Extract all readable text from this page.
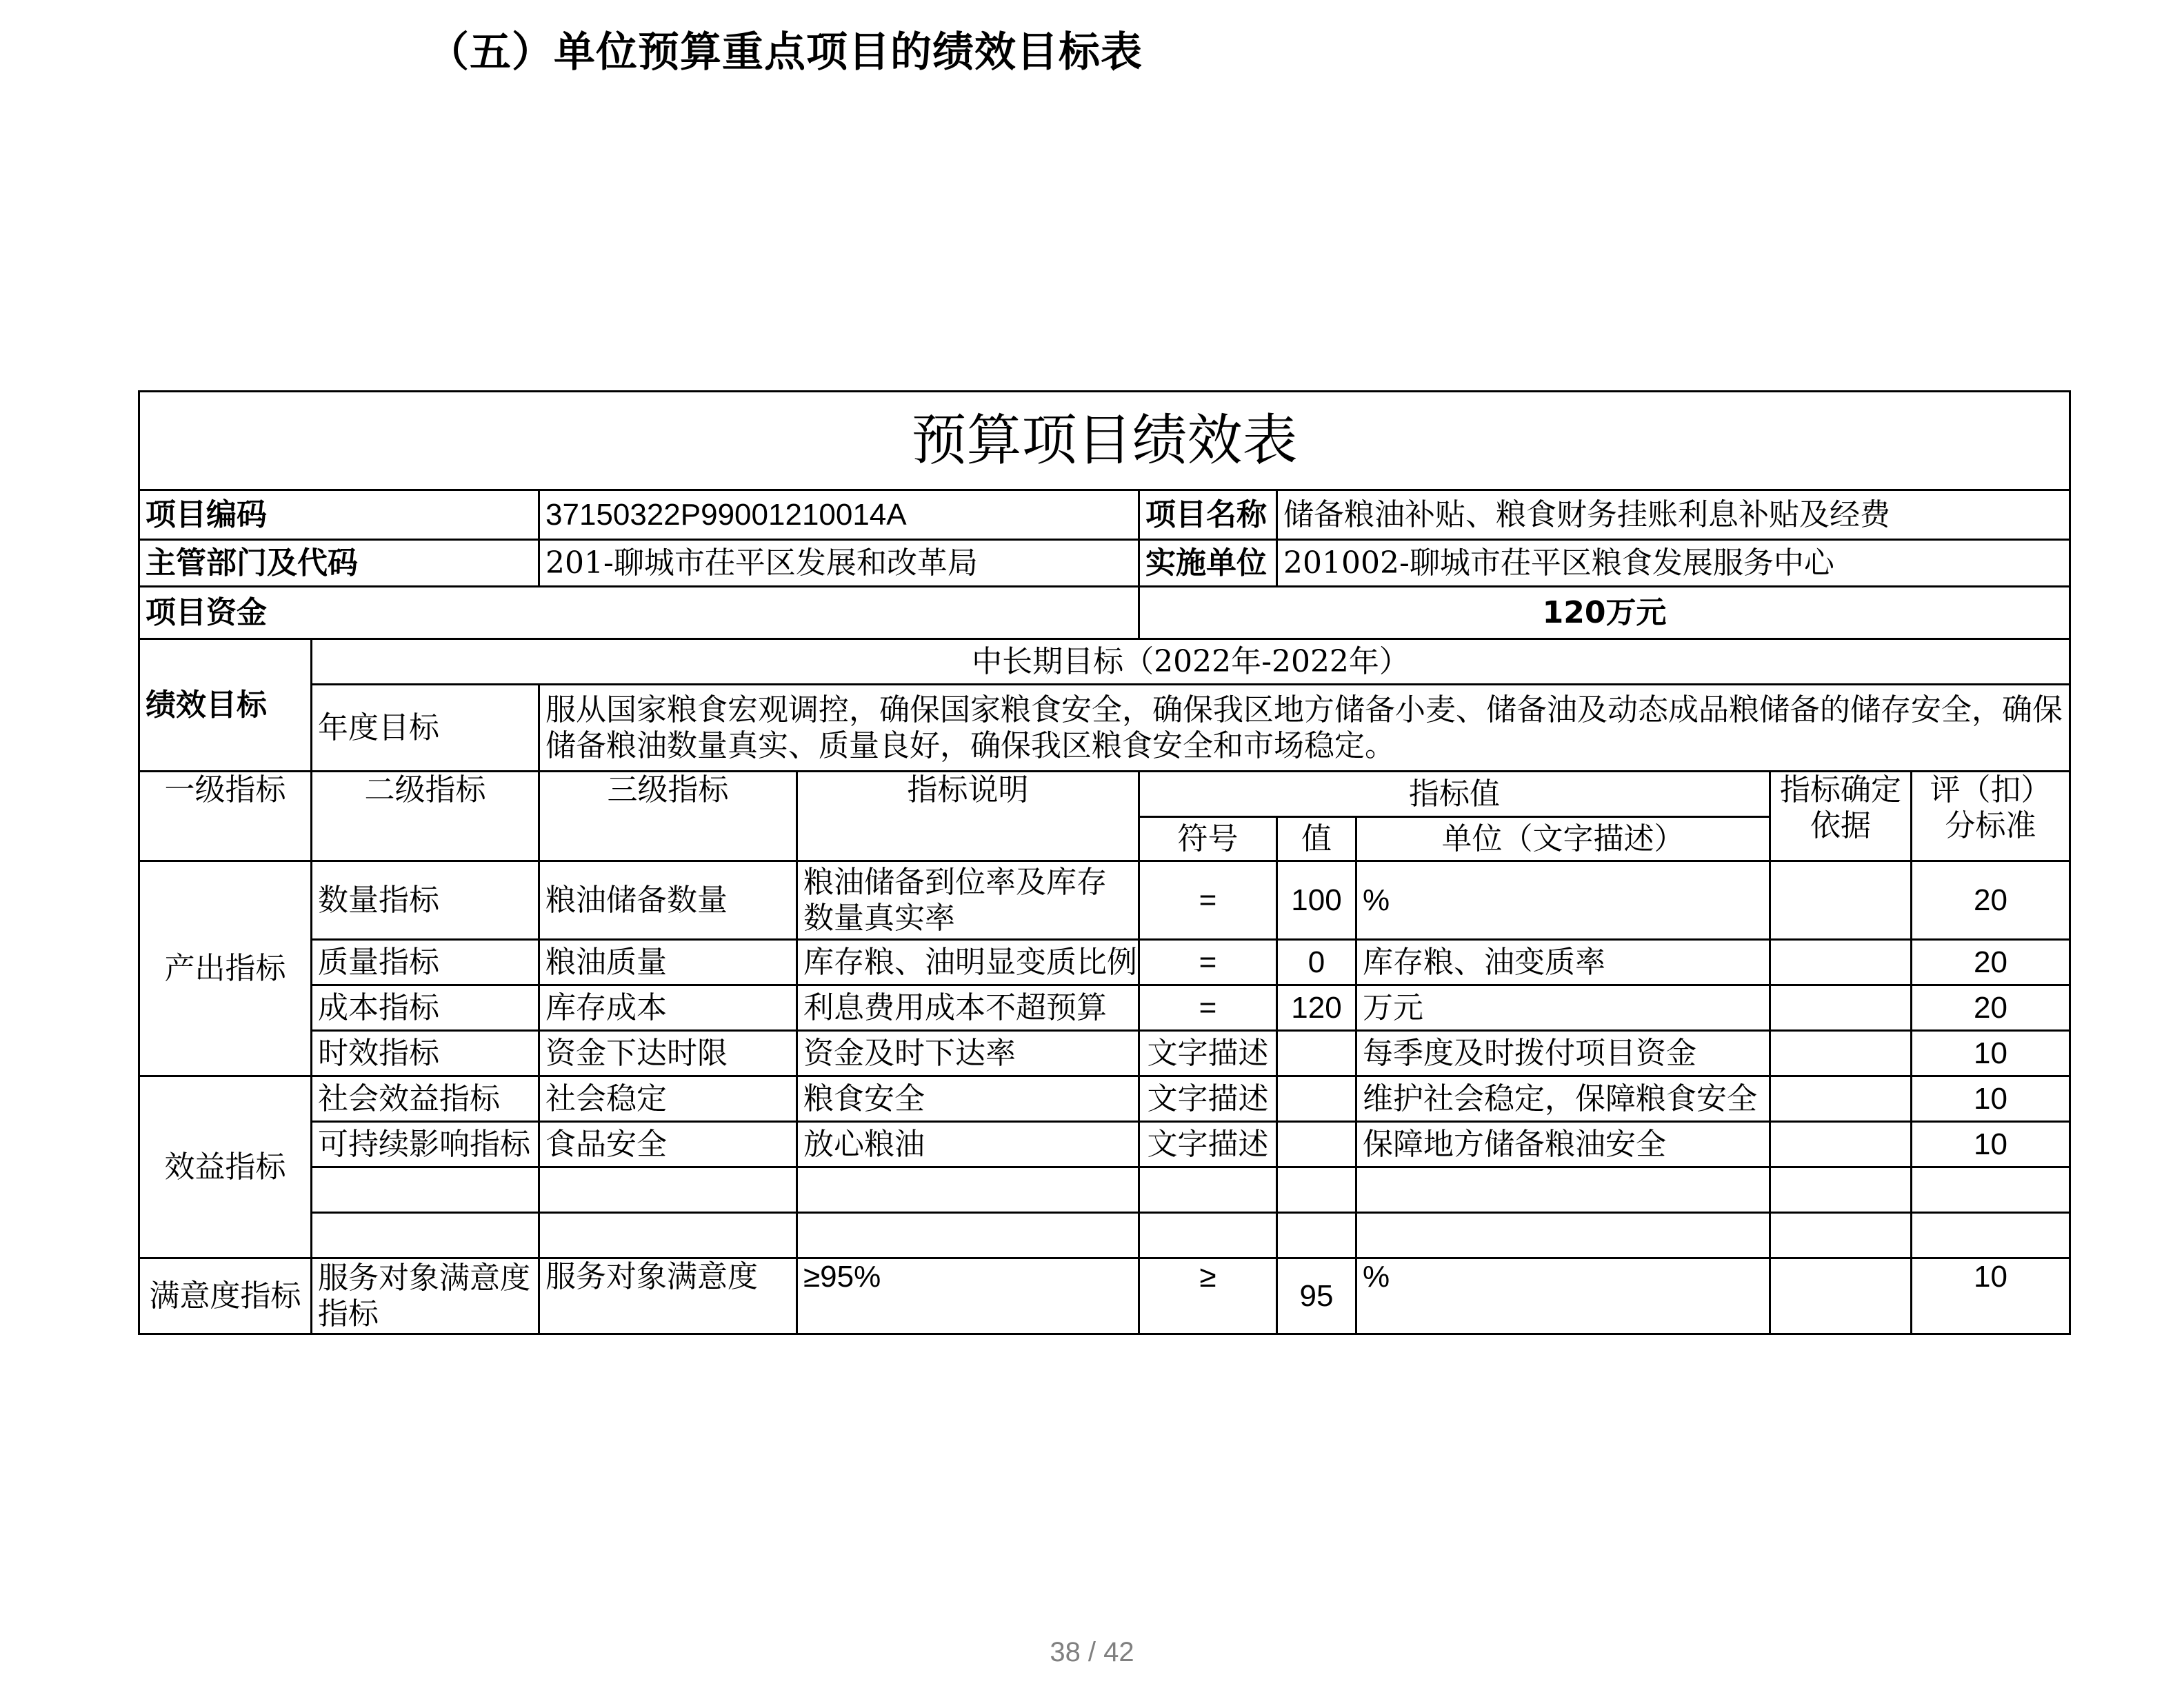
（五）单位预算重点项目的绩效目标表
预算项目绩效表								
项目编码		37150322P99001210014A		项目名称	储备粮油补贴、粮食财务挂账利息补贴及经费			
主管部门及代码		201-聊城市茌平区发展和改革局		实施单位	201002-聊城市茌平区粮食发展服务中心			
项目资金				120万元				
绩效目标	中长期目标（2022年-2022年）							
	年度目标	服从国家粮食宏观调控，确保国家粮食安全，确保我区地方储备小麦、储备油及动态成品粮储备的储存安全，确保储备粮油数量真实、质量良好，确保我区粮食安全和市场稳定。						
一级指标	二级指标	三级指标	指标说明	指标值			指标确定依据	评（扣）分标准
				符号	值	单位（文字描述）		
产出指标	数量指标	粮油储备数量	粮油储备到位率及库存数量真实率	=	100	%		20
	质量指标	粮油质量	库存粮、油明显变质比例	=	0	库存粮、油变质率		20
	成本指标	库存成本	利息费用成本不超预算	=	120	万元		20
	时效指标	资金下达时限	资金及时下达率	文字描述		每季度及时拨付项目资金		10
效益指标	社会效益指标	社会稳定	粮食安全	文字描述		维护社会稳定，保障粮食安全		10
	可持续影响指标	食品安全	放心粮油	文字描述		保障地方储备粮油安全		10

满意度指标	服务对象满意度指标	服务对象满意度	≥95%	≥	95	%		10
38 / 42
